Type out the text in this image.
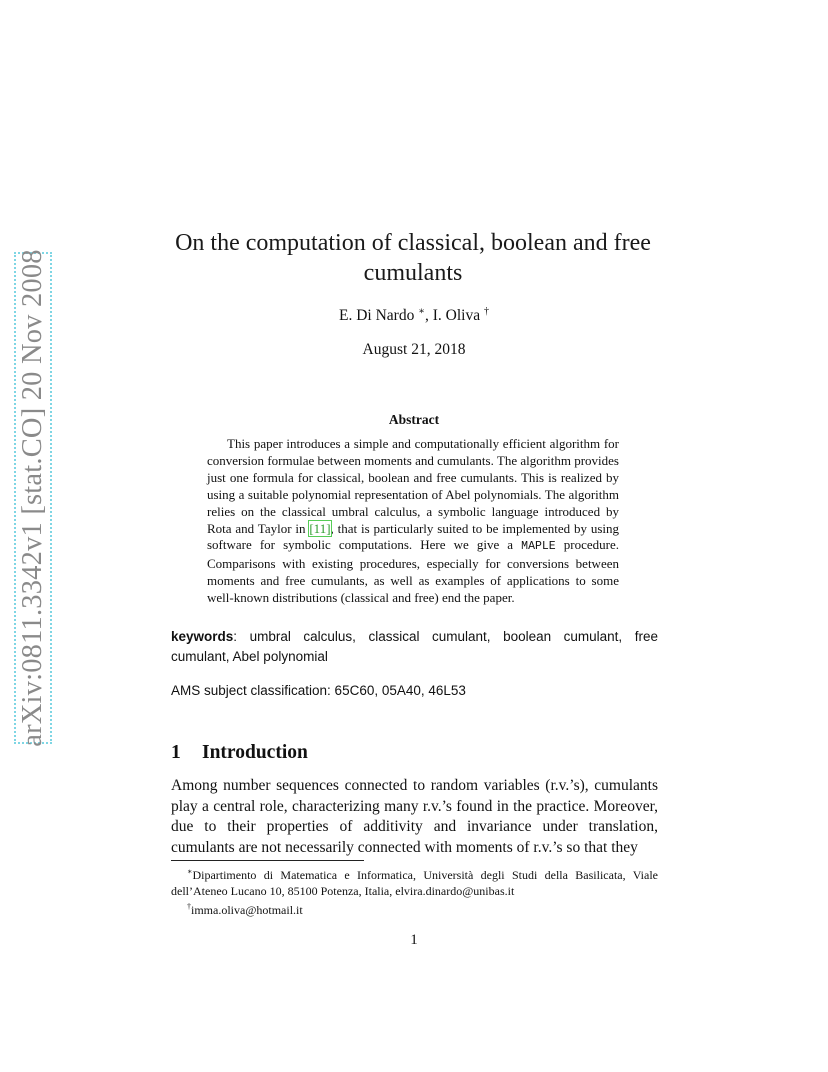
arXiv:0811.3342v1 [stat.CO] 20 Nov 2008
On the computation of classical, boolean and free cumulants
E. Di Nardo ∗, I. Oliva †
August 21, 2018
Abstract
This paper introduces a simple and computationally efficient algorithm for conversion formulae between moments and cumulants. The algorithm provides just one formula for classical, boolean and free cumulants. This is realized by using a suitable polynomial representation of Abel polynomials. The algorithm relies on the classical umbral calculus, a symbolic language introduced by Rota and Taylor in [11], that is particularly suited to be implemented by using software for symbolic computations. Here we give a MAPLE procedure. Comparisons with existing procedures, especially for conversions between moments and free cumulants, as well as examples of applications to some well-known distributions (classical and free) end the paper.
keywords: umbral calculus, classical cumulant, boolean cumulant, free cumulant, Abel polynomial
AMS subject classification: 65C60, 05A40, 46L53
1 Introduction
Among number sequences connected to random variables (r.v.’s), cumulants play a central role, characterizing many r.v.’s found in the practice. Moreover, due to their properties of additivity and invariance under translation, cumulants are not necessarily connected with moments of r.v.’s so that they

∗Dipartimento di Matematica e Informatica, Università degli Studi della Basilicata, Viale dell’Ateneo Lucano 10, 85100 Potenza, Italia, elvira.dinardo@unibas.it

†imma.oliva@hotmail.it

1
